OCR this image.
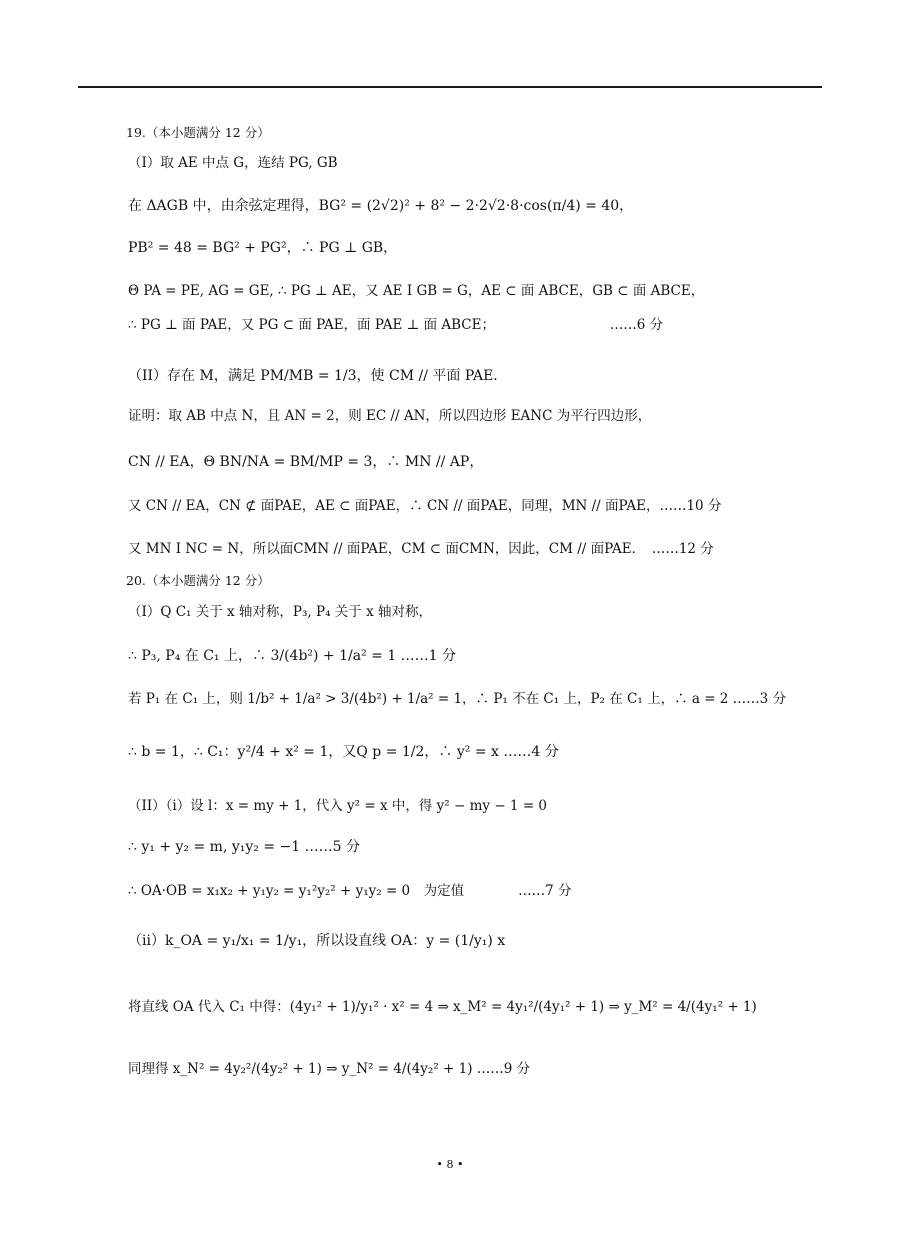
19.（本小题满分 12 分）
（I）取 AE 中点 G，连结 PG, GB
在 ΔAGB 中，由余弦定理得，BG² = (2√2)² + 8² − 2·2√2·8·cos(π/4) = 40，
PB² = 48 = BG² + PG²，∴ PG ⊥ GB，
Θ PA = PE, AG = GE, ∴ PG ⊥ AE，又 AE I GB = G，AE ⊂ 面 ABCE，GB ⊂ 面 ABCE，
∴ PG ⊥ 面 PAE，又 PG ⊂ 面 PAE，面 PAE ⊥ 面 ABCE；　　　　　　　　　……6 分
（II）存在 M，满足 PM/MB = 1/3，使 CM // 平面 PAE．
证明：取 AB 中点 N，且 AN = 2，则 EC // AN，所以四边形 EANC 为平行四边形，
CN // EA，Θ BN/NA = BM/MP = 3，∴ MN // AP，
又 CN // EA，CN ⊄ 面PAE，AE ⊂ 面PAE，∴ CN // 面PAE，同理，MN // 面PAE，……10 分
又 MN I NC = N，所以面CMN // 面PAE，CM ⊂ 面CMN，因此，CM // 面PAE．　……12 分
20.（本小题满分 12 分）
（I）Q C₁ 关于 x 轴对称，P₃, P₄ 关于 x 轴对称，
∴ P₃, P₄ 在 C₁ 上，∴ 3/(4b²) + 1/a² = 1 ……1 分
若 P₁ 在 C₁ 上，则 1/b² + 1/a² > 3/(4b²) + 1/a² = 1，∴ P₁ 不在 C₁ 上，P₂ 在 C₁ 上，∴ a = 2 ……3 分
∴ b = 1，∴ C₁：y²/4 + x² = 1，又Q p = 1/2，∴ y² = x ……4 分
（II）（i）设 l：x = my + 1，代入 y² = x 中，得 y² − my − 1 = 0
∴ y₁ + y₂ = m, y₁y₂ = −1 ……5 分
∴ OA·OB = x₁x₂ + y₁y₂ = y₁²y₂² + y₁y₂ = 0　为定值　　　　……7 分
（ii）k_OA = y₁/x₁ = 1/y₁，所以设直线 OA：y = (1/y₁) x
将直线 OA 代入 C₁ 中得：(4y₁² + 1)/y₁² · x² = 4 ⇒ x_M² = 4y₁²/(4y₁² + 1) ⇒ y_M² = 4/(4y₁² + 1)
同理得 x_N² = 4y₂²/(4y₂² + 1) ⇒ y_N² = 4/(4y₂² + 1) ……9 分
• 8 •
